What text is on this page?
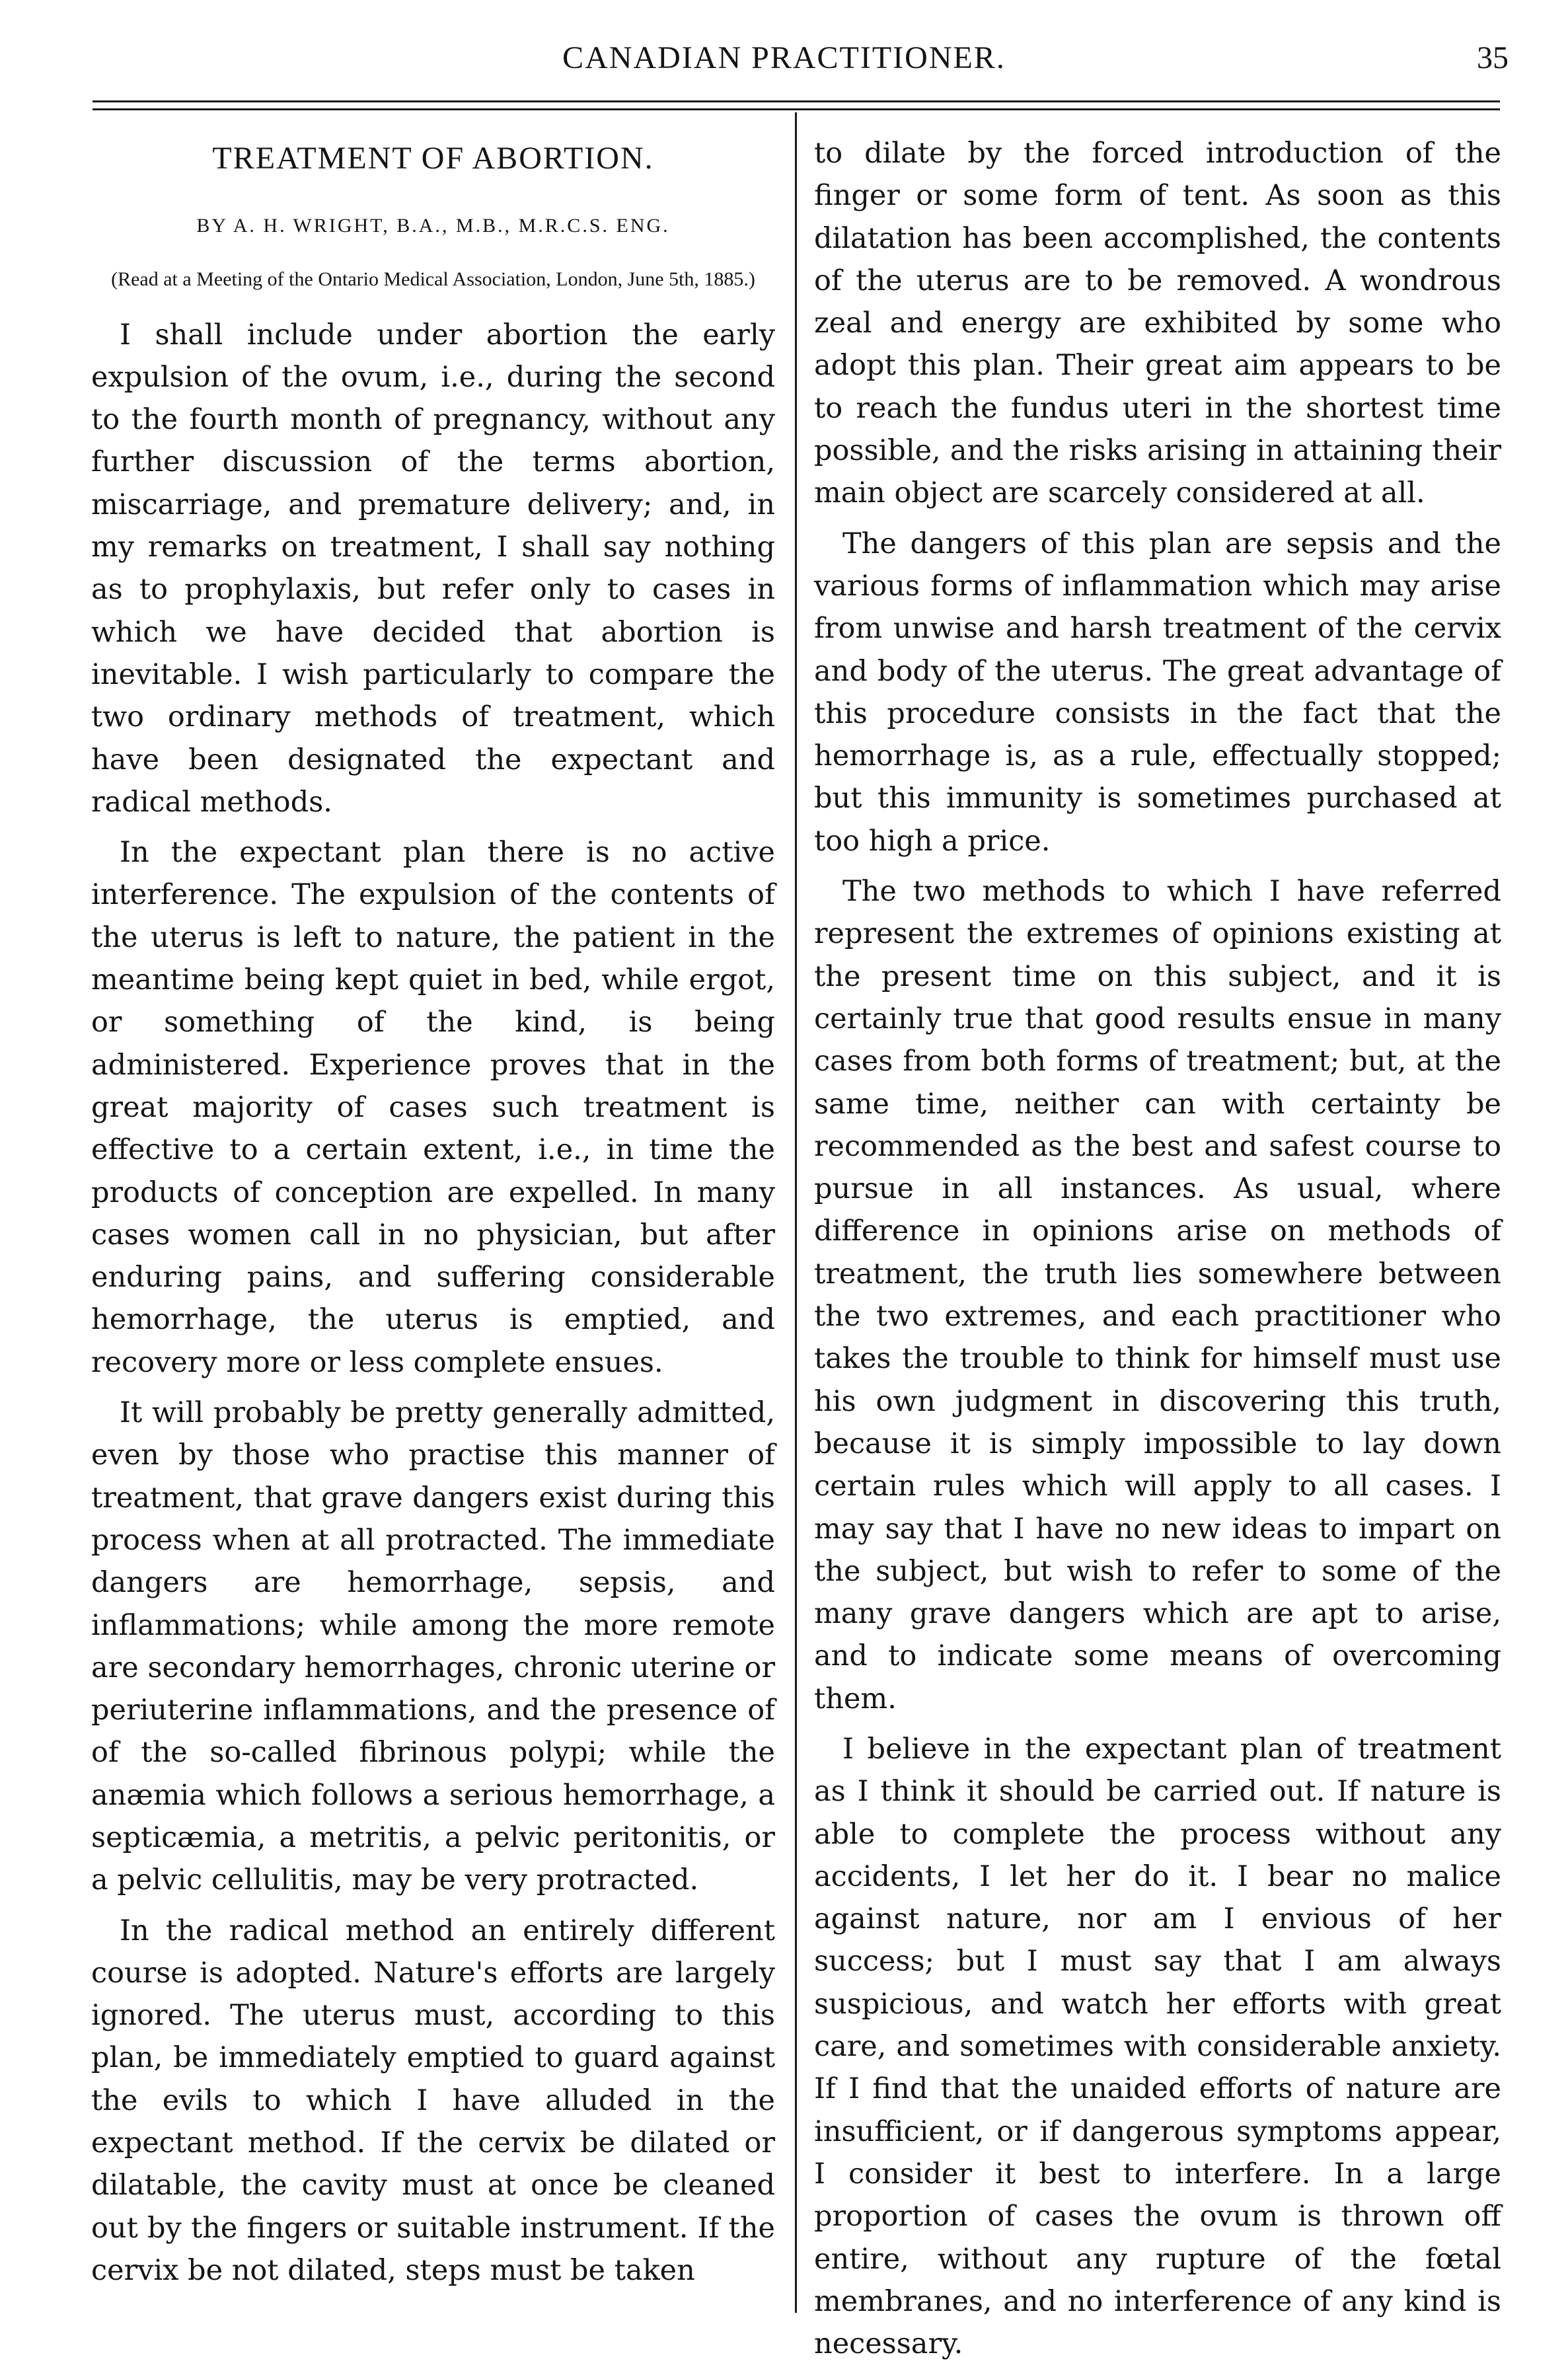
CANADIAN PRACTITIONER.	35
TREATMENT OF ABORTION.
BY A. H. WRIGHT, B.A., M.B., M.R.C.S. ENG.
(Read at a Meeting of the Ontario Medical Association, London, June 5th, 1885.)

I shall include under abortion the early expulsion of the ovum, i.e., during the second to the fourth month of pregnancy, without any further discussion of the terms abortion, miscarriage, and premature delivery; and, in my remarks on treatment, I shall say nothing as to prophylaxis, but refer only to cases in which we have decided that abortion is inevitable. I wish particularly to compare the two ordinary methods of treatment, which have been designated the expectant and radical methods.

In the expectant plan there is no active interference. The expulsion of the contents of the uterus is left to nature, the patient in the meantime being kept quiet in bed, while ergot, or something of the kind, is being administered. Experience proves that in the great majority of cases such treatment is effective to a certain extent, i.e., in time the products of conception are expelled. In many cases women call in no physician, but after enduring pains, and suffering considerable hemorrhage, the uterus is emptied, and recovery more or less complete ensues.

It will probably be pretty generally admitted, even by those who practise this manner of treatment, that grave dangers exist during this process when at all protracted. The immediate dangers are hemorrhage, sepsis, and inflammations; while among the more remote are secondary hemorrhages, chronic uterine or periuterine inflammations, and the presence of of the so-called fibrinous polypi; while the anæmia which follows a serious hemorrhage, a septicæmia, a metritis, a pelvic peritonitis, or a pelvic cellulitis, may be very protracted.

In the radical method an entirely different course is adopted. Nature's efforts are largely ignored. The uterus must, according to this plan, be immediately emptied to guard against the evils to which I have alluded in the expectant method. If the cervix be dilated or dilatable, the cavity must at once be cleaned out by the fingers or suitable instrument. If the cervix be not dilated, steps must be taken

to dilate by the forced introduction of the finger or some form of tent. As soon as this dilatation has been accomplished, the contents of the uterus are to be removed. A wondrous zeal and energy are exhibited by some who adopt this plan. Their great aim appears to be to reach the fundus uteri in the shortest time possible, and the risks arising in attaining their main object are scarcely considered at all.

The dangers of this plan are sepsis and the various forms of inflammation which may arise from unwise and harsh treatment of the cervix and body of the uterus. The great advantage of this procedure consists in the fact that the hemorrhage is, as a rule, effectually stopped; but this immunity is sometimes purchased at too high a price.

The two methods to which I have referred represent the extremes of opinions existing at the present time on this subject, and it is certainly true that good results ensue in many cases from both forms of treatment; but, at the same time, neither can with certainty be recommended as the best and safest course to pursue in all instances. As usual, where difference in opinions arise on methods of treatment, the truth lies somewhere between the two extremes, and each practitioner who takes the trouble to think for himself must use his own judgment in discovering this truth, because it is simply impossible to lay down certain rules which will apply to all cases. I may say that I have no new ideas to impart on the subject, but wish to refer to some of the many grave dangers which are apt to arise, and to indicate some means of overcoming them.

I believe in the expectant plan of treatment as I think it should be carried out. If nature is able to complete the process without any accidents, I let her do it. I bear no malice against nature, nor am I envious of her success; but I must say that I am always suspicious, and watch her efforts with great care, and sometimes with considerable anxiety. If I find that the unaided efforts of nature are insufficient, or if dangerous symptoms appear, I consider it best to interfere. In a large proportion of cases the ovum is thrown off entire, without any rupture of the fœtal membranes, and no interference of any kind is necessary.
